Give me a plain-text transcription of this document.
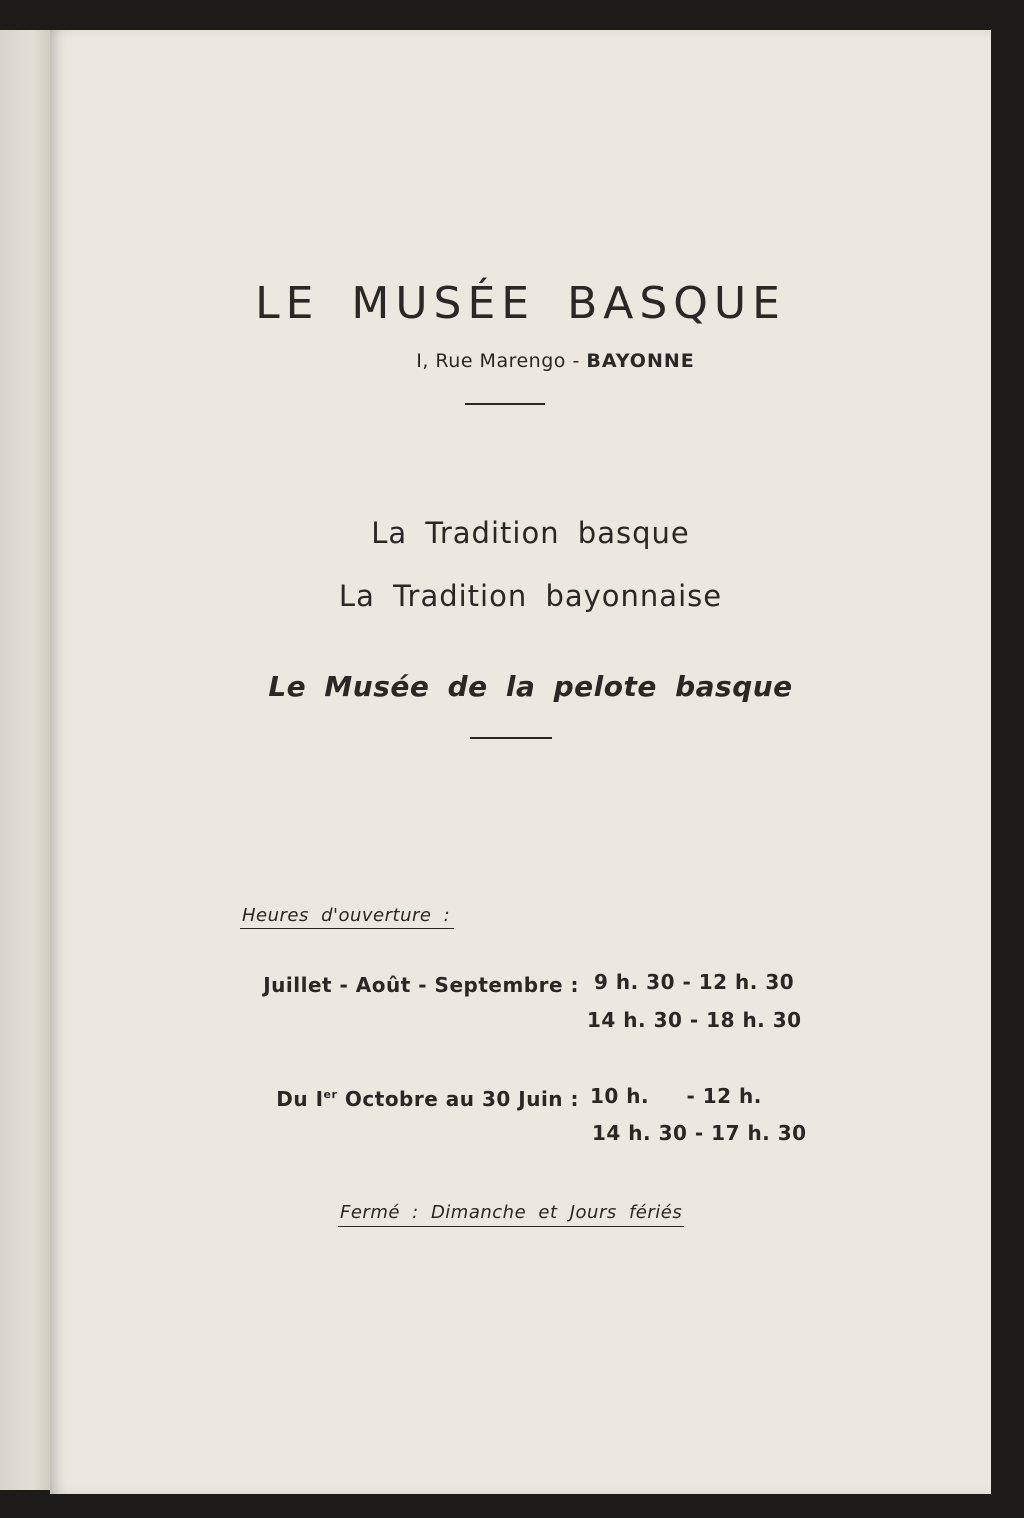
LE MUSÉE BASQUE
I, Rue Marengo - BAYONNE
La Tradition basque
La Tradition bayonnaise
Le Musée de la pelote basque
Heures d'ouverture :
Juillet - Août - Septembre : 9 h. 30 - 12 h. 30
14 h. 30 - 18 h. 30
Du Ier Octobre au 30 Juin : 10 h.     - 12 h.
14 h. 30 - 17 h. 30
Fermé : Dimanche et Jours fériés
